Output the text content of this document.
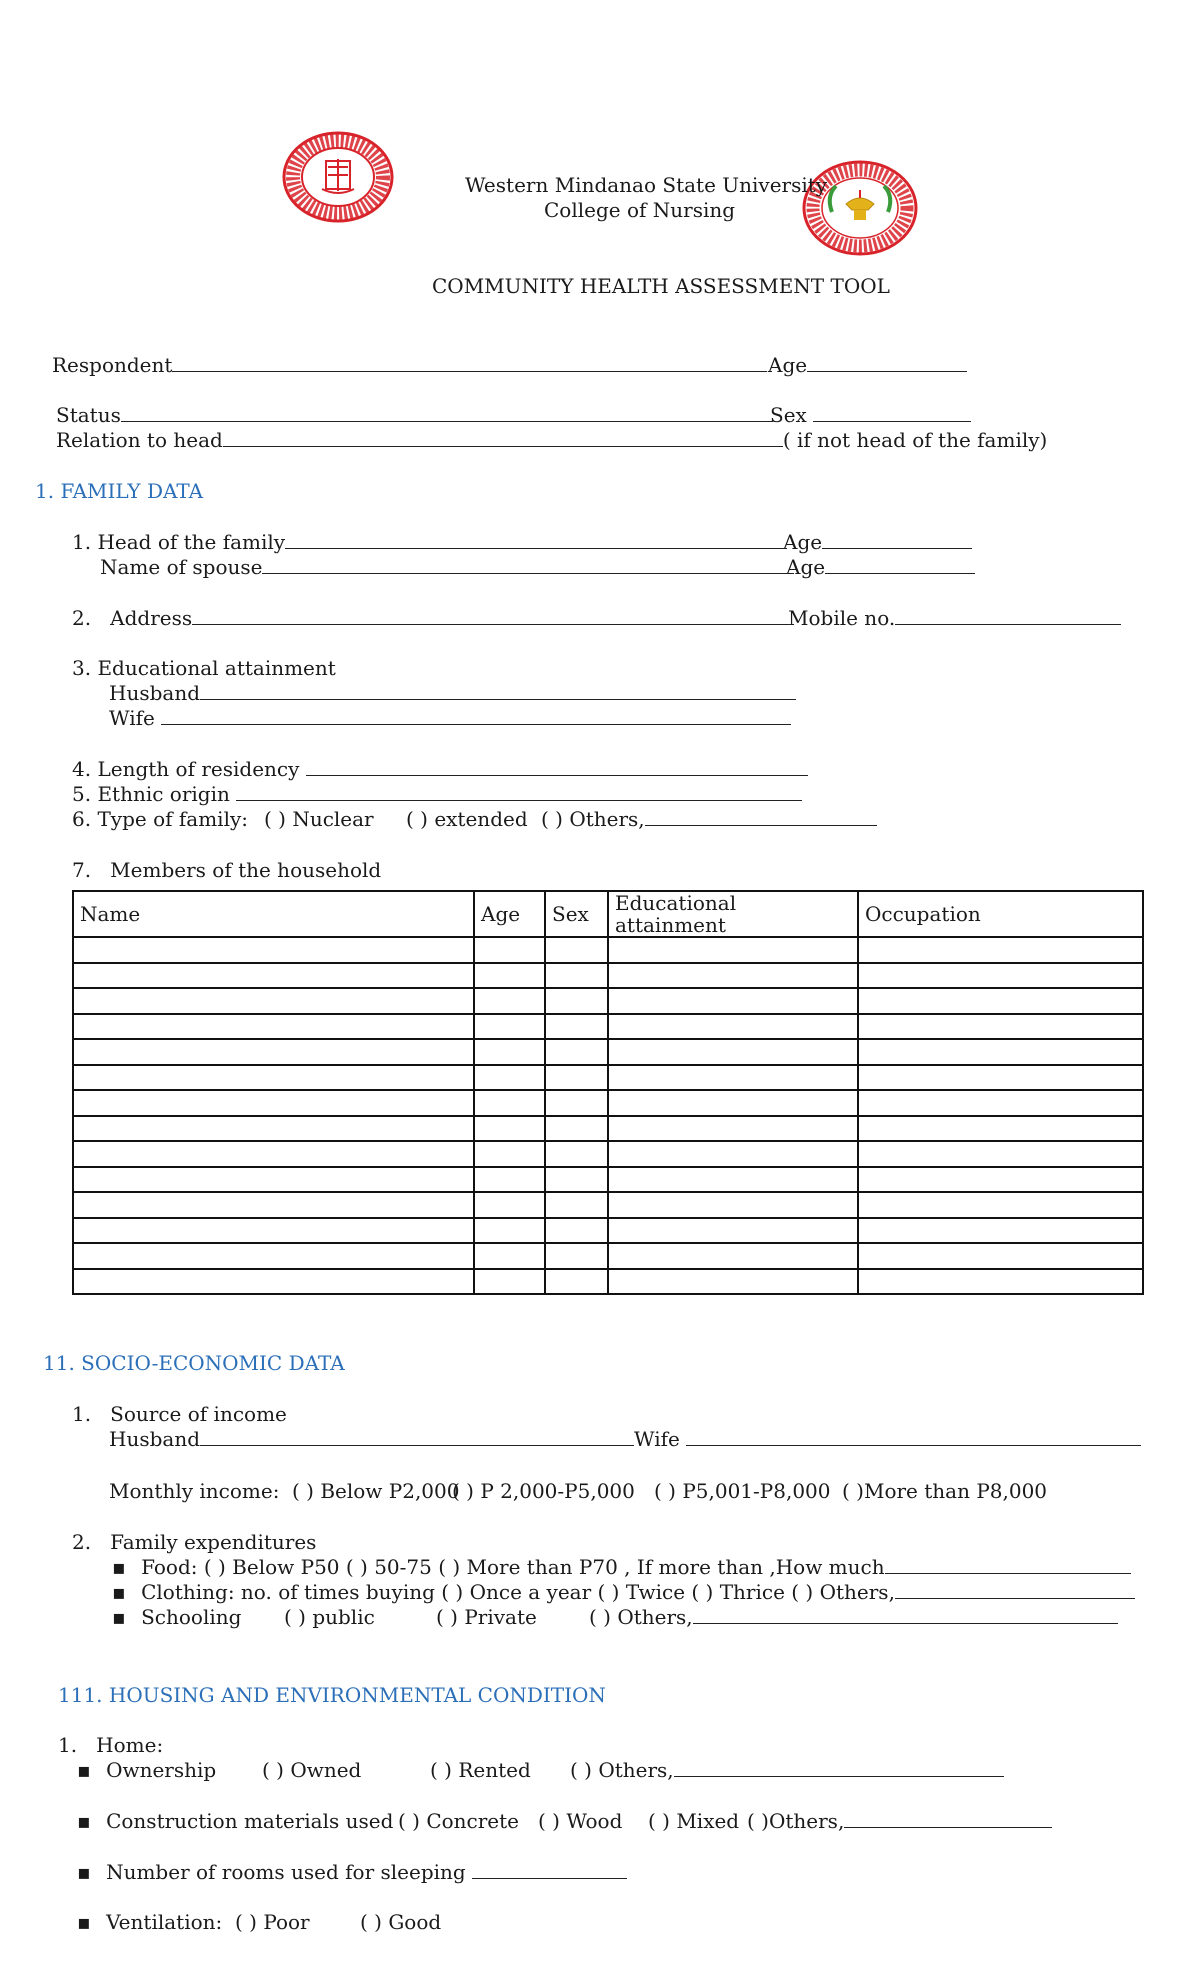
Western Mindanao State University
College of Nursing
COMMUNITY HEALTH ASSESSMENT TOOL
Respondent	Age
Status	Sex
Relation to head	( if not head of the family)
1. FAMILY DATA
1. Head of the family	Age
Name of spouse	Age
2. Address	Mobile no.
3. Educational attainment
Husband
Wife
4. Length of residency
5. Ethnic origin
6. Type of family: ( ) Nuclear ( ) extended ( ) Others,
7. Members of the household
Name	Age	Sex	Educational attainment	Occupation

11. SOCIO-ECONOMIC DATA
1. Source of income
Husband	Wife
Monthly income: ( ) Below P2,000
( ) P 2,000-P5,000 ( ) P5,001-P8,000 ( )More than P8,000
2. Family expenditures
▪ Food: ( ) Below P50 ( ) 50-75 ( ) More than P70 , If more than ,How much
▪ Clothing: no. of times buying ( ) Once a year ( ) Twice ( ) Thrice ( ) Others,
▪ Schooling ( ) public	( ) Private	( ) Others,
111. HOUSING AND ENVIRONMENTAL CONDITION
1. Home:
▪ Ownership ( ) Owned	( ) Rented ( ) Others,
▪ Construction materials used ( ) Concrete ( ) Wood ( ) Mixed ( )Others,
▪ Number of rooms used for sleeping
▪ Ventilation: ( ) Poor	( ) Good
